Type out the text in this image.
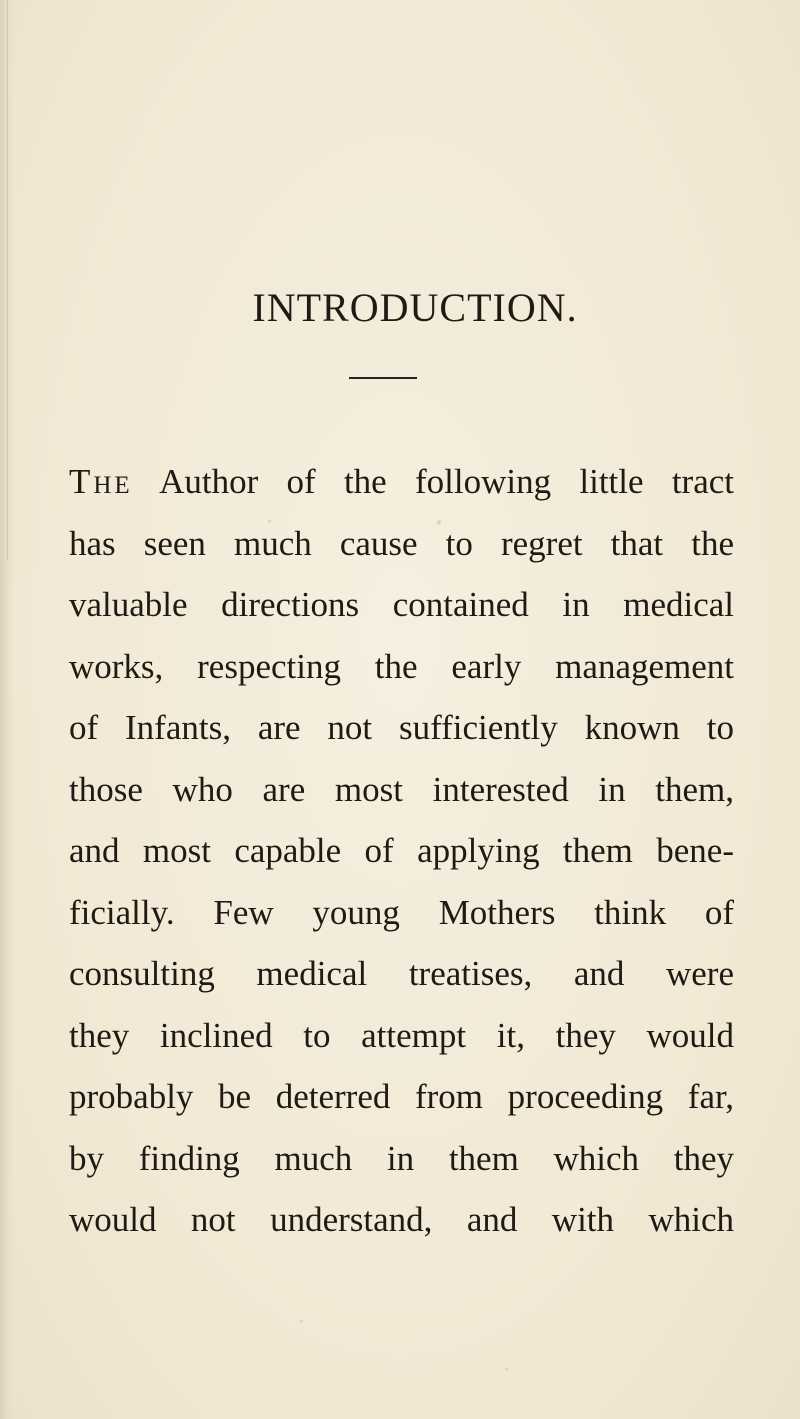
INTRODUCTION.
The Author of the following little tract
has seen much cause to regret that the
valuable directions contained in medical
works, respecting the early management
of Infants, are not sufficiently known to
those who are most interested in them,
and most capable of applying them bene-
ficially. Few young Mothers think of
consulting medical treatises, and were
they inclined to attempt it, they would
probably be deterred from proceeding far,
by finding much in them which they
would not understand, and with which
